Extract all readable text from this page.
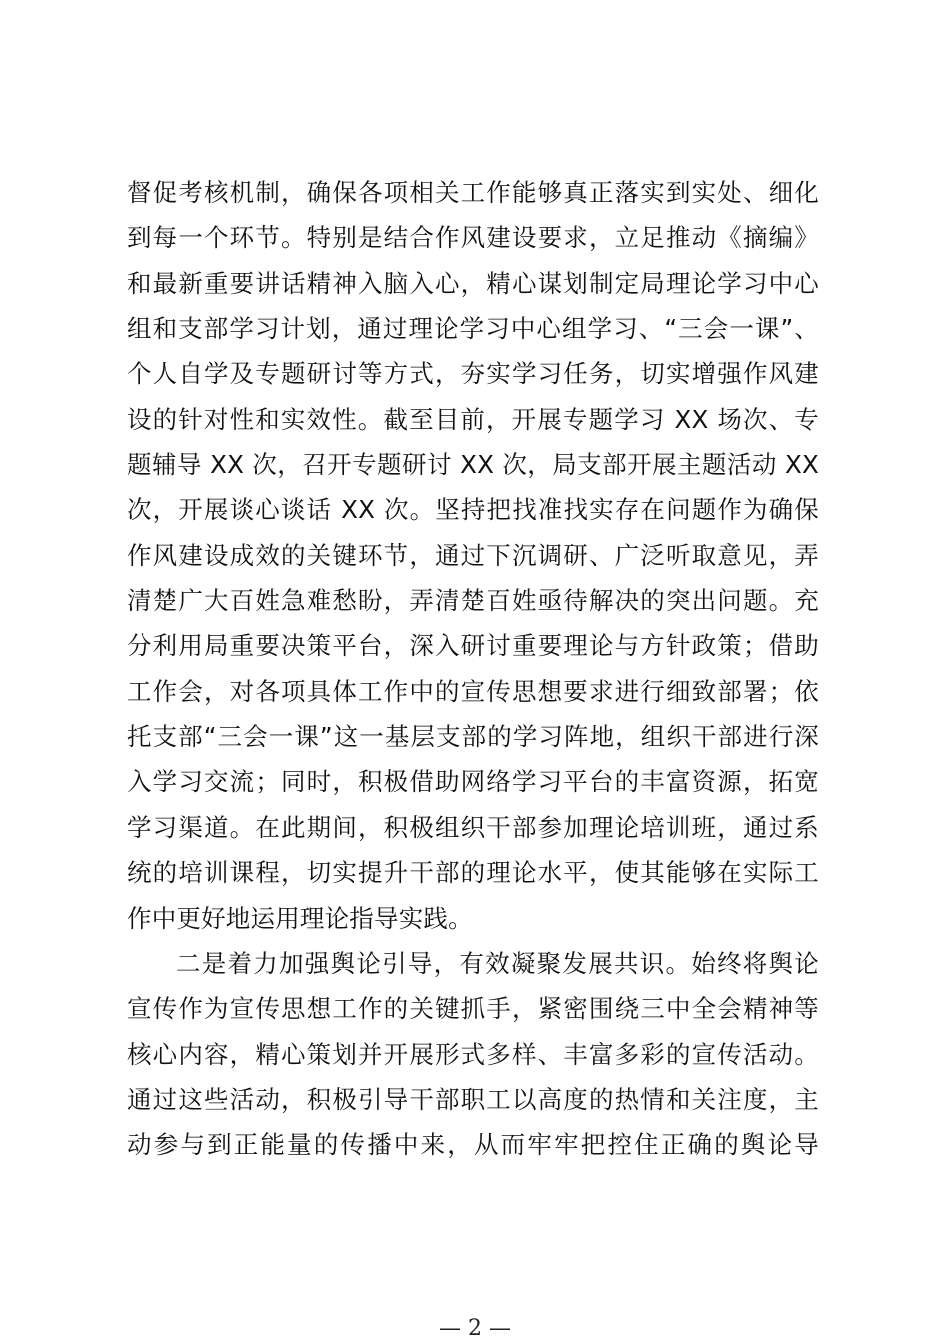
督促考核机制，确保各项相关工作能够真正落实到实处、细化
到每一个环节。特别是结合作风建设要求，立足推动《摘编》
和最新重要讲话精神入脑入心，精心谋划制定局理论学习中心
组和支部学习计划，通过理论学习中心组学习、“三会一课”、
个人自学及专题研讨等方式，夯实学习任务，切实增强作风建
设的针对性和实效性。截至目前，开展专题学习 XX 场次、专
题辅导 XX 次，召开专题研讨 XX 次，局支部开展主题活动 XX
次，开展谈心谈话 XX 次。坚持把找准找实存在问题作为确保
作风建设成效的关键环节，通过下沉调研、广泛听取意见，弄
清楚广大百姓急难愁盼，弄清楚百姓亟待解决的突出问题。充
分利用局重要决策平台，深入研讨重要理论与方针政策；借助
工作会，对各项具体工作中的宣传思想要求进行细致部署；依
托支部“三会一课”这一基层支部的学习阵地，组织干部进行深
入学习交流；同时，积极借助网络学习平台的丰富资源，拓宽
学习渠道。在此期间，积极组织干部参加理论培训班，通过系
统的培训课程，切实提升干部的理论水平，使其能够在实际工
作中更好地运用理论指导实践。
二是着力加强舆论引导，有效凝聚发展共识。始终将舆论
宣传作为宣传思想工作的关键抓手，紧密围绕三中全会精神等
核心内容，精心策划并开展形式多样、丰富多彩的宣传活动。
通过这些活动，积极引导干部职工以高度的热情和关注度，主
动参与到正能量的传播中来，从而牢牢把控住正确的舆论导
— 2 —
